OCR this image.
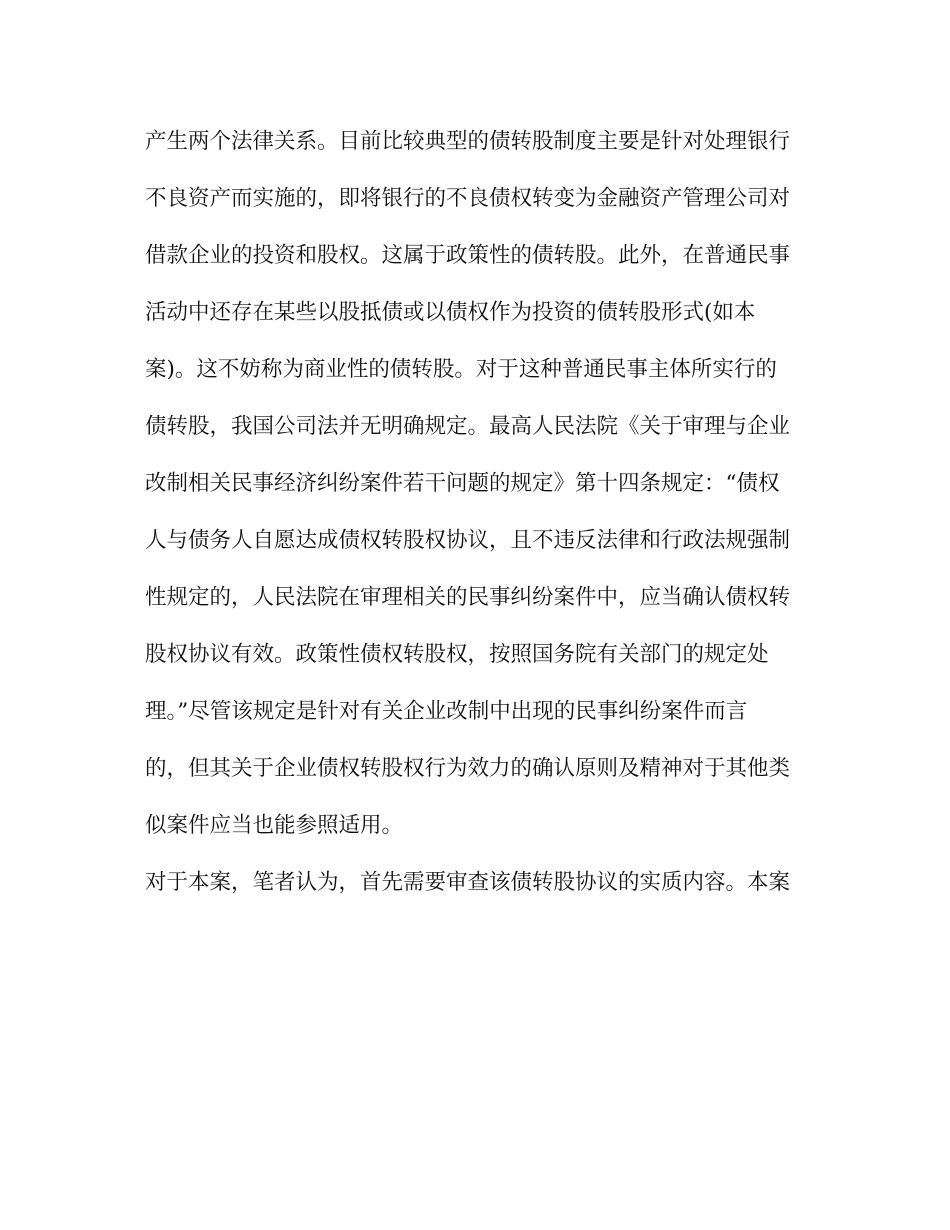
产生两个法律关系。目前比较典型的债转股制度主要是针对处理银行
不良资产而实施的，即将银行的不良债权转变为金融资产管理公司对
借款企业的投资和股权。这属于政策性的债转股。此外，在普通民事
活动中还存在某些以股抵债或以债权作为投资的债转股形式(如本
案)。这不妨称为商业性的债转股。对于这种普通民事主体所实行的
债转股，我国公司法并无明确规定。最高人民法院《关于审理与企业
改制相关民事经济纠纷案件若干问题的规定》第十四条规定：“债权
人与债务人自愿达成债权转股权协议，且不违反法律和行政法规强制
性规定的，人民法院在审理相关的民事纠纷案件中，应当确认债权转
股权协议有效。政策性债权转股权，按照国务院有关部门的规定处
理。”尽管该规定是针对有关企业改制中出现的民事纠纷案件而言
的，但其关于企业债权转股权行为效力的确认原则及精神对于其他类
似案件应当也能参照适用。
对于本案，笔者认为，首先需要审查该债转股协议的实质内容。本案
